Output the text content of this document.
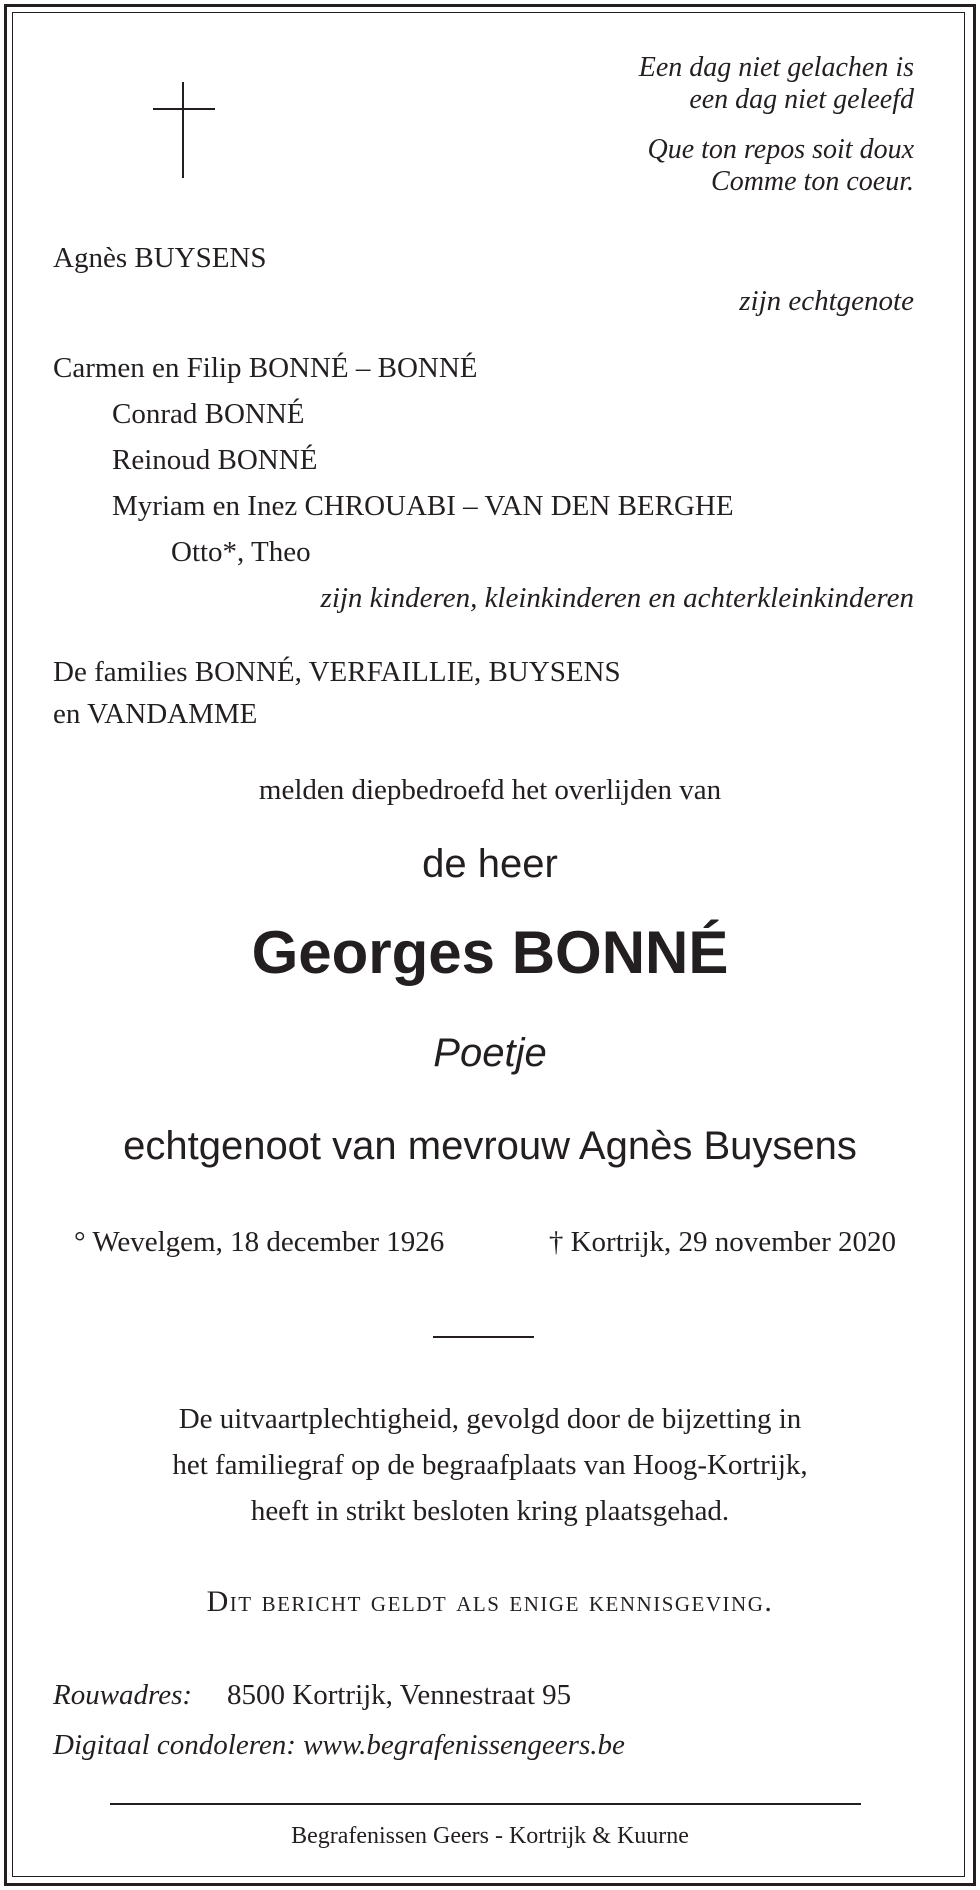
Een dag niet gelachen is
een dag niet geleefd
Que ton repos soit doux
Comme ton coeur.
Agnès BUYSENS
zijn echtgenote
Carmen en Filip BONNÉ – BONNÉ
Conrad BONNÉ
Reinoud BONNÉ
Myriam en Inez CHROUABI – VAN DEN BERGHE
Otto*, Theo
zijn kinderen, kleinkinderen en achterkleinkinderen
De families BONNÉ, VERFAILLIE, BUYSENS
en VANDAMME
melden diepbedroefd het overlijden van
de heer
Georges BONNÉ
Poetje
echtgenoot van mevrouw Agnès Buysens
° Wevelgem, 18 december 1926	† Kortrijk, 29 november 2020
De uitvaartplechtigheid, gevolgd door de bijzetting in
het familiegraf op de begraafplaats van Hoog-Kortrijk,
heeft in strikt besloten kring plaatsgehad.
Dit bericht geldt als enige kennisgeving.
Rouwadres: 8500 Kortrijk, Vennestraat 95
Digitaal condoleren: www.begrafenissengeers.be
Begrafenissen Geers - Kortrijk & Kuurne
